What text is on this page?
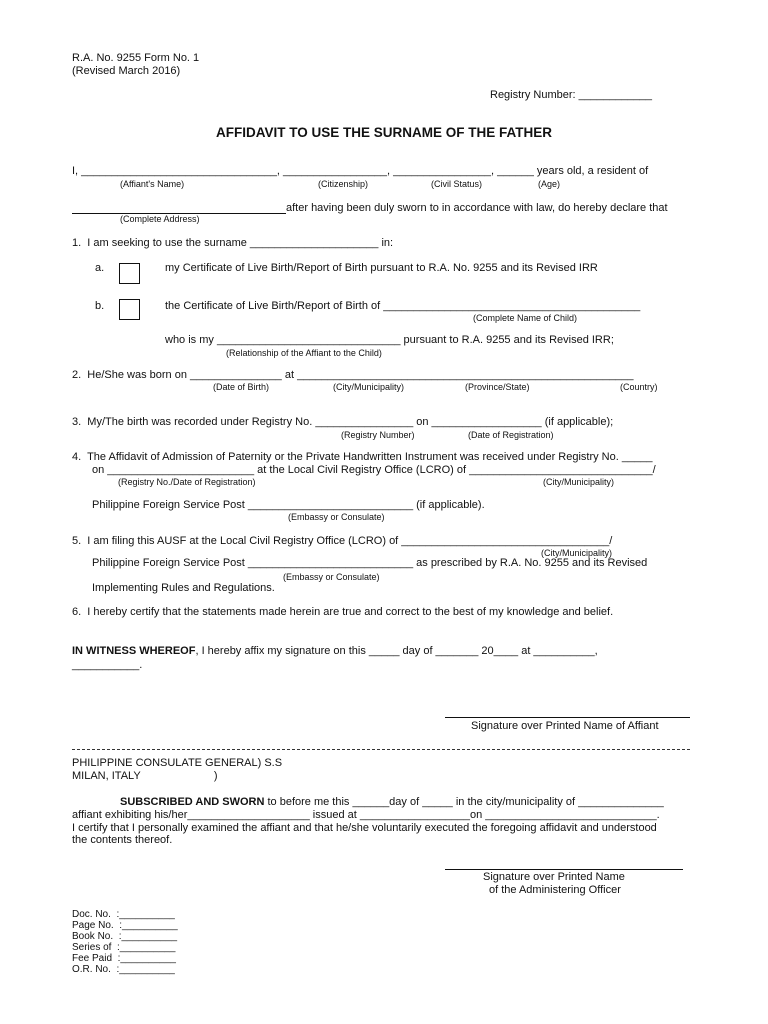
R.A. No. 9255 Form No. 1
(Revised March 2016)
Registry Number: ____________
AFFIDAVIT TO USE THE SURNAME OF THE FATHER
I, ________________________________, _________________, ________________, ______ years old, a resident of
(Affiant's Name)	(Citizenship)	(Civil Status)	(Age)
after having been duly sworn to in accordance with law, do hereby declare that
(Complete Address)
1.  I am seeking to use the surname _____________________ in:
a.	my Certificate of Live Birth/Report of Birth pursuant to R.A. No. 9255 and its Revised IRR
b.	the Certificate of Live Birth/Report of Birth of __________________________________________
(Complete Name of Child)
who is my ______________________________ pursuant to R.A. 9255 and its Revised IRR;
(Relationship of the Affiant to the Child)
2.  He/She was born on _______________ at _______________________________________________________
(Date of Birth)	(City/Municipality)	(Province/State)	(Country)
3.  My/The birth was recorded under Registry No. ________________ on __________________ (if applicable);
(Registry Number)	(Date of Registration)
4.  The Affidavit of Admission of Paternity or the Private Handwritten Instrument was received under Registry No. _____
on ________________________ at the Local Civil Registry Office (LCRO) of ______________________________/
(Registry No./Date of Registration)	(City/Municipality)
Philippine Foreign Service Post ___________________________ (if applicable).
(Embassy or Consulate)
5.  I am filing this AUSF at the Local Civil Registry Office (LCRO) of __________________________________/
(City/Municipality)
Philippine Foreign Service Post ___________________________ as prescribed by R.A. No. 9255 and its Revised
(Embassy or Consulate)
Implementing Rules and Regulations.
6.  I hereby certify that the statements made herein are true and correct to the best of my knowledge and belief.
IN WITNESS WHEREOF, I hereby affix my signature on this _____ day of _______ 20____ at __________,
___________.
Signature over Printed Name of Affiant
PHILIPPINE CONSULATE GENERAL) S.S
MILAN, ITALY                        )
SUBSCRIBED AND SWORN to before me this ______day of _____ in the city/municipality of ______________
affiant exhibiting his/her____________________ issued at __________________on ____________________________.
I certify that I personally examined the affiant and that he/she voluntarily executed the foregoing affidavit and understood
the contents thereof.
Signature over Printed Name
of the Administering Officer
Doc. No.  :__________
Page No.  :__________
Book No.  :__________
Series of  :__________
Fee Paid  :__________
O.R. No.  :__________
